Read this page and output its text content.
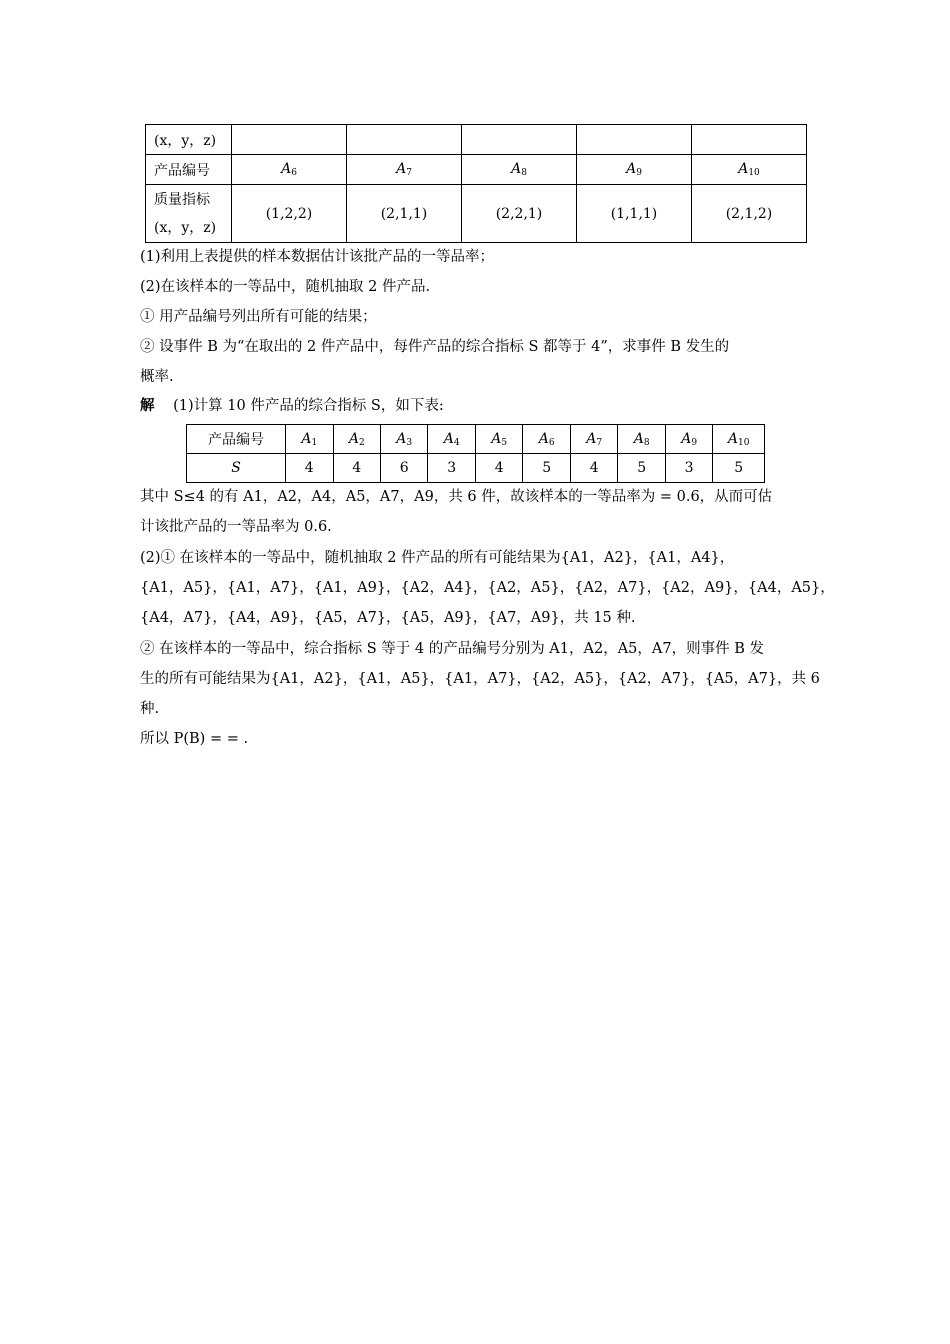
(x，y，z)					
产品编号	$A_6$	$A_7$	$A_8$	$A_9$	$A_{10}$

质量指标
(x，y，z)	(1,2,2)	(2,1,1)	(2,2,1)	(1,1,1)	(2,1,2)
(1)利用上表提供的样本数据估计该批产品的一等品率；
(2)在该样本的一等品中，随机抽取 2 件产品.
① 用产品编号列出所有可能的结果；
② 设事件 B 为“在取出的 2 件产品中，每件产品的综合指标 S 都等于 4”，求事件 B 发生的
概率.
解 (1)计算 10 件产品的综合指标 S，如下表:
产品编号	$A_1$	$A_2$	$A_3$	$A_4$	$A_5$	$A_6$	$A_7$	$A_8$	$A_9$	$A_{10}$
S	4	4	6	3	4	5	4	5	3	5
其中 S≤4 的有 A1，A2，A4，A5，A7，A9，共 6 件，故该样本的一等品率为 = 0.6，从而可估
计该批产品的一等品率为 0.6.
(2)① 在该样本的一等品中，随机抽取 2 件产品的所有可能结果为{A1，A2}，{A1，A4}，
{A1，A5}，{A1，A7}，{A1，A9}，{A2，A4}，{A2，A5}，{A2，A7}，{A2，A9}，{A4，A5}，
{A4，A7}，{A4，A9}，{A5，A7}，{A5，A9}，{A7，A9}，共 15 种.
② 在该样本的一等品中，综合指标 S 等于 4 的产品编号分别为 A1，A2，A5，A7，则事件 B 发
生的所有可能结果为{A1，A2}，{A1，A5}，{A1，A7}，{A2，A5}，{A2，A7}，{A5，A7}，共 6
种.
所以 P(B) = = .
